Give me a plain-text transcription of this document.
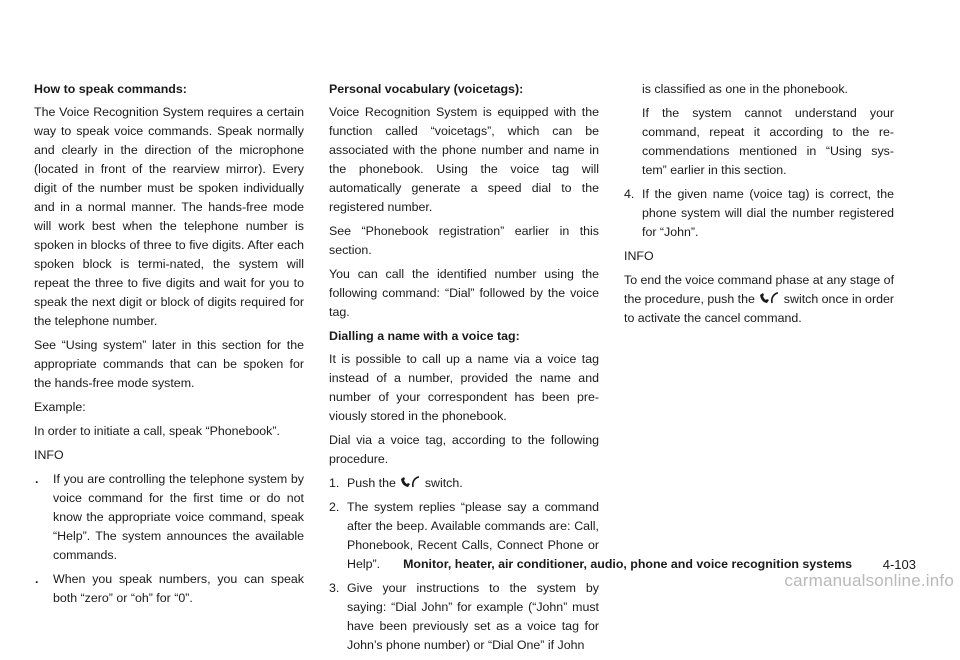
How to speak commands:

The Voice Recognition System requires a certain way to speak voice commands. Speak normally and clearly in the direction of the microphone (located in front of the rearview mirror). Every digit of the number must be spoken individually and in a normal manner. The hands-free mode will work best when the telephone number is spoken in blocks of three to five digits. After each spoken block is termi-nated, the system will repeat the three to five digits and wait for you to speak the next digit or block of digits required for the telephone number.

See “Using system” later in this section for the appropriate commands that can be spoken for the hands-free mode system.

Example:

In order to initiate a call, speak “Phonebook”.

INFO

.	If you are controlling the telephone system by voice command for the first time or do not know the appropriate voice command, speak “Help”. The system announces the available commands.
.	When you speak numbers, you can speak both “zero” or “oh” for “0”.
Personal vocabulary (voicetags):

Voice Recognition System is equipped with the function called “voicetags”, which can be associated with the phone number and name in the phonebook. Using the voice tag will automatically generate a speed dial to the registered number.

See “Phonebook registration” earlier in this section.

You can call the identified number using the following command: “Dial” followed by the voice tag.

Dialling a name with a voice tag:

It is possible to call up a name via a voice tag instead of a number, provided the name and number of your correspondent has been pre-viously stored in the phonebook.

Dial via a voice tag, according to the following procedure.

1. Push the switch.
2. The system replies “please say a command after the beep. Available commands are: Call, Phonebook, Recent Calls, Connect Phone or Help”.
3. Give your instructions to the system by saying: “Dial John” for example (“John” must have been previously set as a voice tag for John’s phone number) or “Dial One” if John

is classified as one in the phonebook.

If the system cannot understand your command, repeat it according to the re-commendations mentioned in “Using sys-tem” earlier in this section.

4. If the given name (voice tag) is correct, the phone system will dial the number registered for “John”.

INFO

To end the voice command phase at any stage of the procedure, push the switch once in order to activate the cancel command.

Monitor, heater, air conditioner, audio, phone and voice recognition systems 4-103
carmanualsonline.info
